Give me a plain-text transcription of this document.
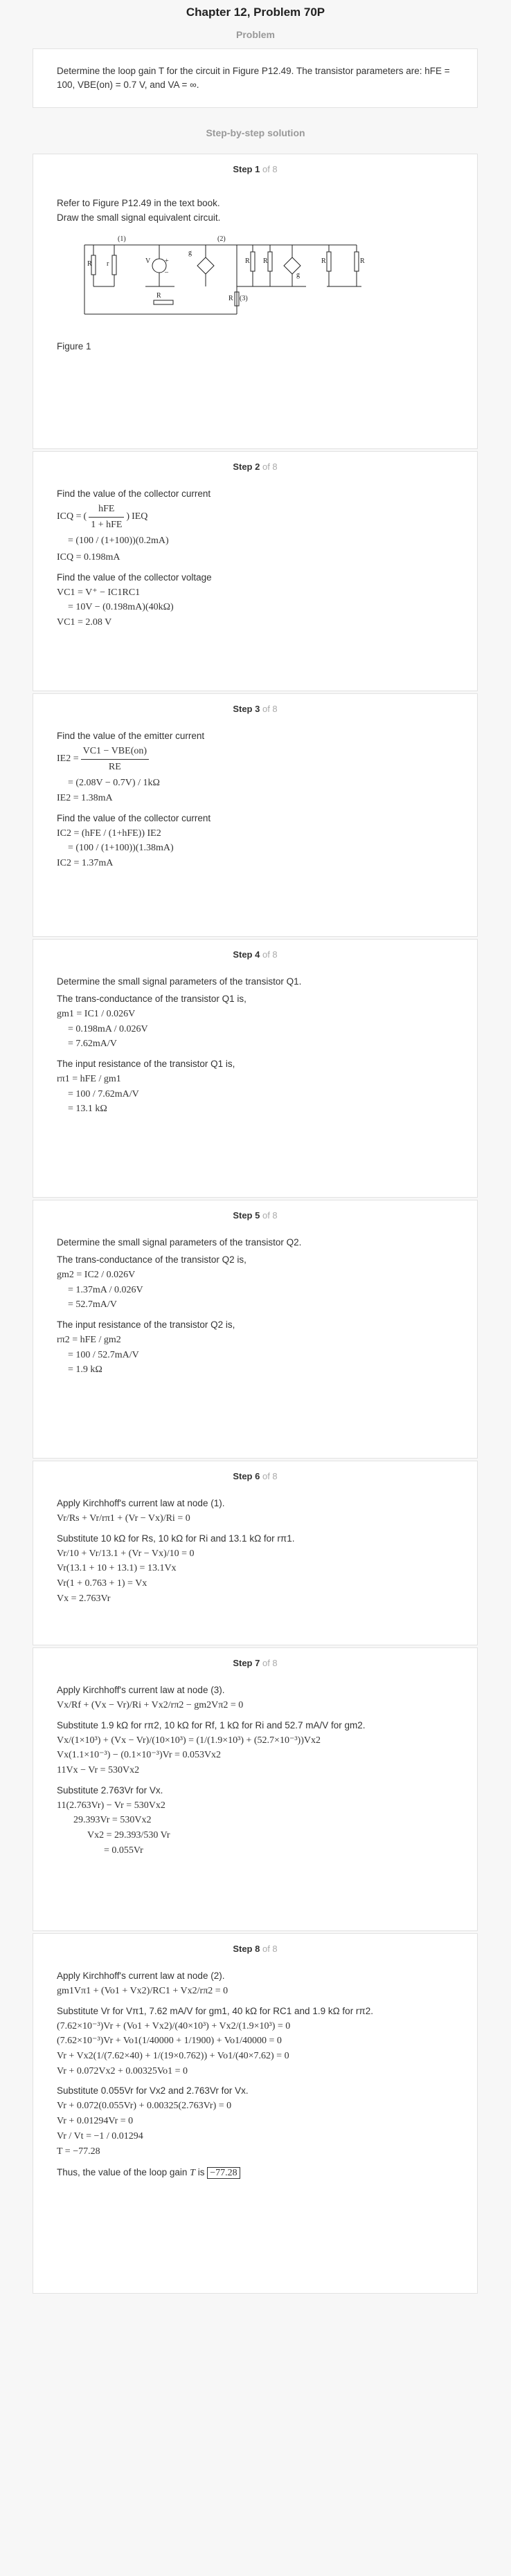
Chapter 12, Problem 70P
Problem
Determine the loop gain T for the circuit in Figure P12.49. The transistor parameters are: hFE = 100, VBE(on) = 0.7 V, and VA = ∞.
Step-by-step solution
Step 1 of 8
Refer to Figure P12.49 in the text book.
Draw the small signal equivalent circuit.
R r	V
g
R R
g
R	R
R
R
(1)	(2)
(3)
+
–
Figure 1
Step 2 of 8
Find the value of the collector current
ICQ = (
hFE
1 + hFE
) IEQ
= (100 / (1+100))(0.2mA)
ICQ = 0.198mA
Find the value of the collector voltage
VC1 = V⁺ − IC1RC1
= 10V − (0.198mA)(40kΩ)
VC1 = 2.08 V
Step 3 of 8
Find the value of the emitter current
IE2 =
VC1 − VBE(on)
RE
= (2.08V − 0.7V) / 1kΩ
IE2 = 1.38mA
Find the value of the collector current
IC2 = (hFE / (1+hFE)) IE2
= (100 / (1+100))(1.38mA)
IC2 = 1.37mA
Step 4 of 8
Determine the small signal parameters of the transistor Q1.
The trans-conductance of the transistor Q1 is,
gm1 = IC1 / 0.026V
= 0.198mA / 0.026V
= 7.62mA/V
The input resistance of the transistor Q1 is,
rπ1 = hFE / gm1
= 100 / 7.62mA/V
= 13.1 kΩ
Step 5 of 8
Determine the small signal parameters of the transistor Q2.
The trans-conductance of the transistor Q2 is,
gm2 = IC2 / 0.026V
= 1.37mA / 0.026V
= 52.7mA/V
The input resistance of the transistor Q2 is,
rπ2 = hFE / gm2
= 100 / 52.7mA/V
= 1.9 kΩ
Step 6 of 8
Apply Kirchhoff's current law at node (1).
Vr/Rs + Vr/rπ1 + (Vr − Vx)/Ri = 0
Substitute 10 kΩ for Rs, 10 kΩ for Ri and 13.1 kΩ for rπ1.
Vr/10 + Vr/13.1 + (Vr − Vx)/10 = 0
Vr(13.1 + 10 + 13.1) = 13.1Vx
Vr(1 + 0.763 + 1) = Vx
Vx = 2.763Vr
Step 7 of 8
Apply Kirchhoff's current law at node (3).
Vx/Rf + (Vx − Vr)/Ri + Vx2/rπ2 − gm2Vπ2 = 0
Substitute 1.9 kΩ for rπ2, 10 kΩ for Rf, 1 kΩ for Ri and 52.7 mA/V for gm2.
Vx/(1×10³) + (Vx − Vr)/(10×10³) = (1/(1.9×10³) + (52.7×10⁻³))Vx2
Vx(1.1×10⁻³) − (0.1×10⁻³)Vr = 0.053Vx2
11Vx − Vr = 530Vx2
Substitute 2.763Vr for Vx.
11(2.763Vr) − Vr = 530Vx2
29.393Vr = 530Vx2
Vx2 = 29.393/530 Vr
= 0.055Vr
Step 8 of 8
Apply Kirchhoff's current law at node (2).
gm1Vπ1 + (Vo1 + Vx2)/RC1 + Vx2/rπ2 = 0
Substitute Vr for Vπ1, 7.62 mA/V for gm1, 40 kΩ for RC1 and 1.9 kΩ for rπ2.
(7.62×10⁻³)Vr + (Vo1 + Vx2)/(40×10³) + Vx2/(1.9×10³) = 0
(7.62×10⁻³)Vr + Vo1(1/40000 + 1/1900) + Vo1/40000 = 0
Vr + Vx2(1/(7.62×40) + 1/(19×0.762)) + Vo1/(40×7.62) = 0
Vr + 0.072Vx2 + 0.00325Vo1 = 0
Substitute 0.055Vr for Vx2 and 2.763Vr for Vx.
Vr + 0.072(0.055Vr) + 0.00325(2.763Vr) = 0
Vr + 0.01294Vr = 0
Vr / Vt = −1 / 0.01294
T = −77.28
Thus, the value of the loop gain T is −77.28
